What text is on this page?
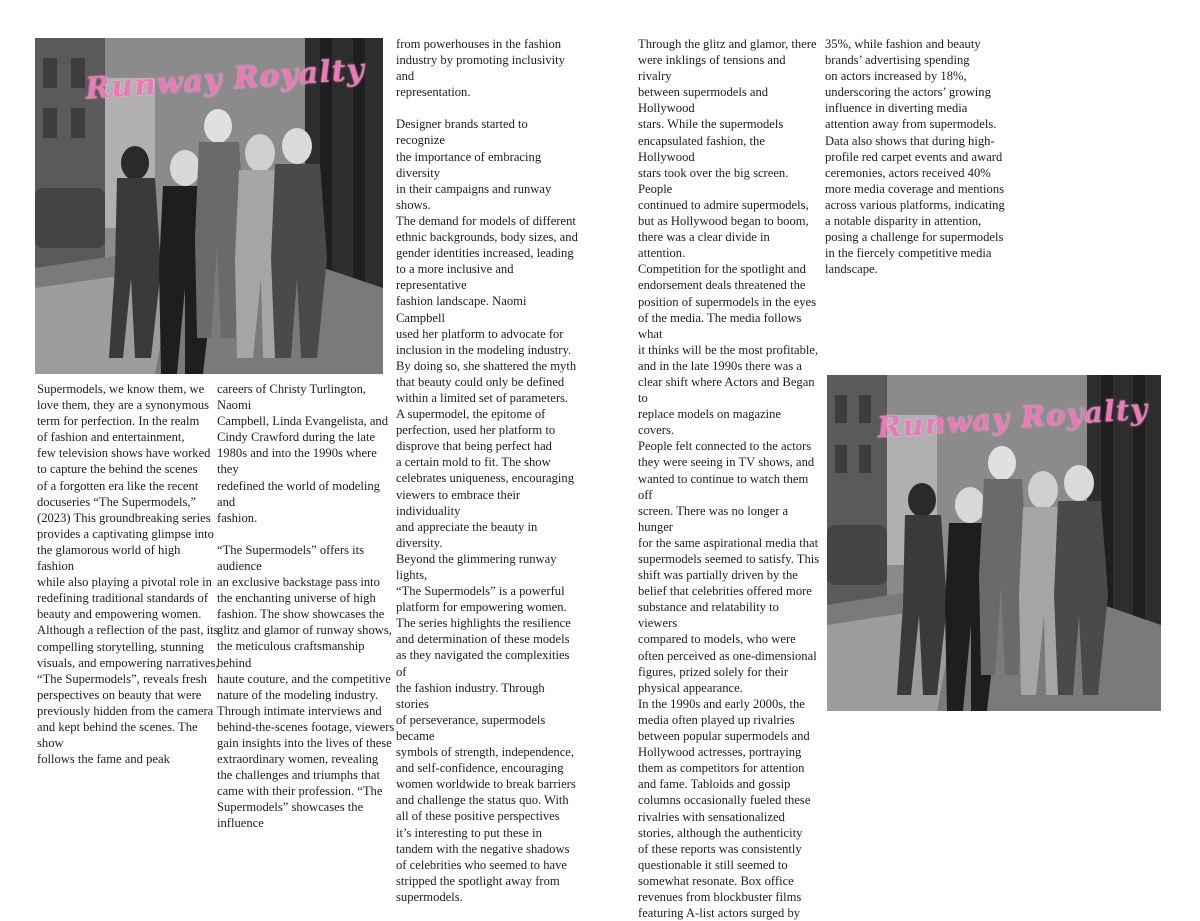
Runway Royalty
Runway Royalty

Supermodels, we know them, we
love them, they are a synonymous
term for perfection. In the realm
of fashion and entertainment,
few television shows have worked
to capture the behind the scenes
of a forgotten era like the recent
docuseries “The Supermodels,”
(2023) This groundbreaking series
provides a captivating glimpse into
the glamorous world of high fashion
while also playing a pivotal role in
redefining traditional standards of
beauty and empowering women.
Although a reflection of the past, its
compelling storytelling, stunning
visuals, and empowering narratives,
“The Supermodels”, reveals fresh
perspectives on beauty that were
previously hidden from the camera
and kept behind the scenes. The show
follows the fame and peak

careers of Christy Turlington, Naomi
Campbell, Linda Evangelista, and
Cindy Crawford during the late
1980s and into the 1990s where they
redefined the world of modeling and
fashion.

“The Supermodels” offers its audience
an exclusive backstage pass into
the enchanting universe of high
fashion. The show showcases the
glitz and glamor of runway shows,
the meticulous craftsmanship behind
haute couture, and the competitive
nature of the modeling industry.
Through intimate interviews and
behind-the-scenes footage, viewers
gain insights into the lives of these
extraordinary women, revealing
the challenges and triumphs that
came with their profession. “The
Supermodels” showcases the influence

from powerhouses in the fashion
industry by promoting inclusivity and
representation.

Designer brands started to recognize
the importance of embracing diversity
in their campaigns and runway shows.
The demand for models of different
ethnic backgrounds, body sizes, and
gender identities increased, leading
to a more inclusive and representative
fashion landscape. Naomi Campbell
used her platform to advocate for
inclusion in the modeling industry.
By doing so, she shattered the myth
that beauty could only be defined
within a limited set of parameters.
A supermodel, the epitome of
perfection, used her platform to
disprove that being perfect had
a certain mold to fit. The show
celebrates uniqueness, encouraging
viewers to embrace their individuality
and appreciate the beauty in diversity.
Beyond the glimmering runway lights,
“The Supermodels” is a powerful
platform for empowering women.
The series highlights the resilience
and determination of these models
as they navigated the complexities of
the fashion industry. Through stories
of perseverance, supermodels became
symbols of strength, independence,
and self-confidence, encouraging
women worldwide to break barriers
and challenge the status quo. With
all of these positive perspectives
it’s interesting to put these in
tandem with the negative shadows
of celebrities who seemed to have
stripped the spotlight away from
supermodels.

Through the glitz and glamor, there
were inklings of tensions and rivalry
between supermodels and Hollywood
stars. While the supermodels
encapsulated fashion, the Hollywood
stars took over the big screen. People
continued to admire supermodels,
but as Hollywood began to boom,
there was a clear divide in attention.
Competition for the spotlight and
endorsement deals threatened the
position of supermodels in the eyes
of the media. The media follows what
it thinks will be the most profitable,
and in the late 1990s there was a
clear shift where Actors and Began to
replace models on magazine covers.
People felt connected to the actors
they were seeing in TV shows, and
wanted to continue to watch them off
screen. There was no longer a hunger
for the same aspirational media that
supermodels seemed to satisfy. This
shift was partially driven by the
belief that celebrities offered more
substance and relatability to viewers
compared to models, who were
often perceived as one-dimensional
figures, prized solely for their
physical appearance.
In the 1990s and early 2000s, the
media often played up rivalries
between popular supermodels and
Hollywood actresses, portraying
them as competitors for attention
and fame. Tabloids and gossip
columns occasionally fueled these
rivalries with sensationalized
stories, although the authenticity
of these reports was consistently
questionable it still seemed to
somewhat resonate. Box office
revenues from blockbuster films
featuring A-list actors surged by

35%, while fashion and beauty
brands’ advertising spending
on actors increased by 18%,
underscoring the actors’ growing
influence in diverting media
attention away from supermodels.
Data also shows that during high-
profile red carpet events and award
ceremonies, actors received 40%
more media coverage and mentions
across various platforms, indicating
a notable disparity in attention,
posing a challenge for supermodels
in the fiercely competitive media
landscape.
